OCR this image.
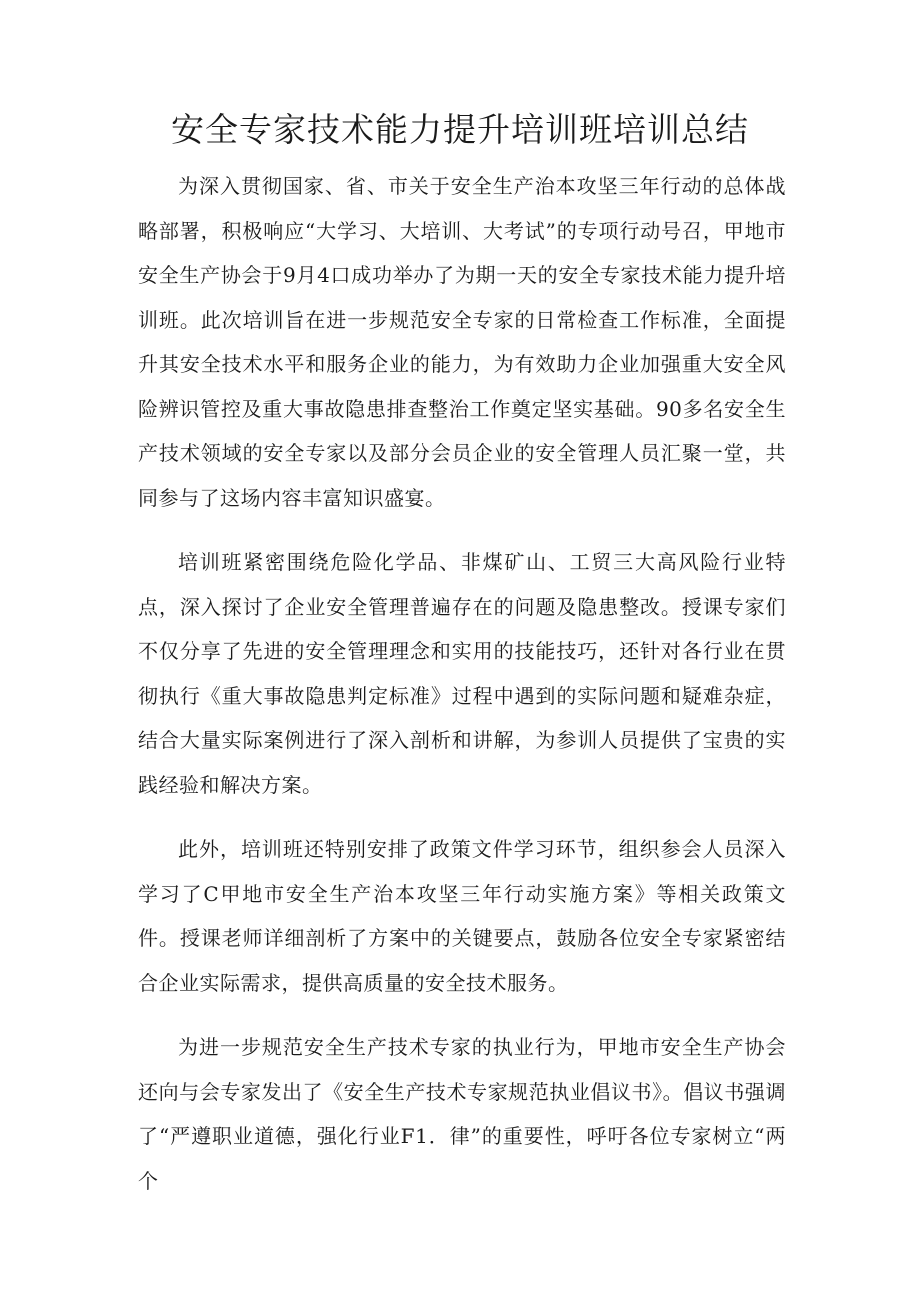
安全专家技术能力提升培训班培训总结

为深入贯彻国家、省、市关于安全生产治本攻坚三年行动的总体战略部署，积极响应“大学习、大培训、大考试”的专项行动号召，甲地市安全生产协会于9月4口成功举办了为期一天的安全专家技术能力提升培训班。此次培训旨在进一步规范安全专家的日常检查工作标准，全面提升其安全技术水平和服务企业的能力，为有效助力企业加强重大安全风险辨识管控及重大事故隐患排查整治工作奠定坚实基础。90多名安全生产技术领域的安全专家以及部分会员企业的安全管理人员汇聚一堂，共同参与了这场内容丰富知识盛宴。

培训班紧密围绕危险化学品、非煤矿山、工贸三大高风险行业特点，深入探讨了企业安全管理普遍存在的问题及隐患整改。授课专家们不仅分享了先进的安全管理理念和实用的技能技巧，还针对各行业在贯彻执行《重大事故隐患判定标准》过程中遇到的实际问题和疑难杂症，结合大量实际案例进行了深入剖析和讲解，为参训人员提供了宝贵的实践经验和解决方案。

此外，培训班还特别安排了政策文件学习环节，组织参会人员深入学习了C甲地市安全生产治本攻坚三年行动实施方案》等相关政策文件。授课老师详细剖析了方案中的关键要点，鼓励各位安全专家紧密结合企业实际需求，提供高质量的安全技术服务。

为进一步规范安全生产技术专家的执业行为，甲地市安全生产协会还向与会专家发出了《安全生产技术专家规范执业倡议书》。倡议书强调了“严遵职业道德，强化行业F1．律”的重要性，呼吁各位专家树立“两个
